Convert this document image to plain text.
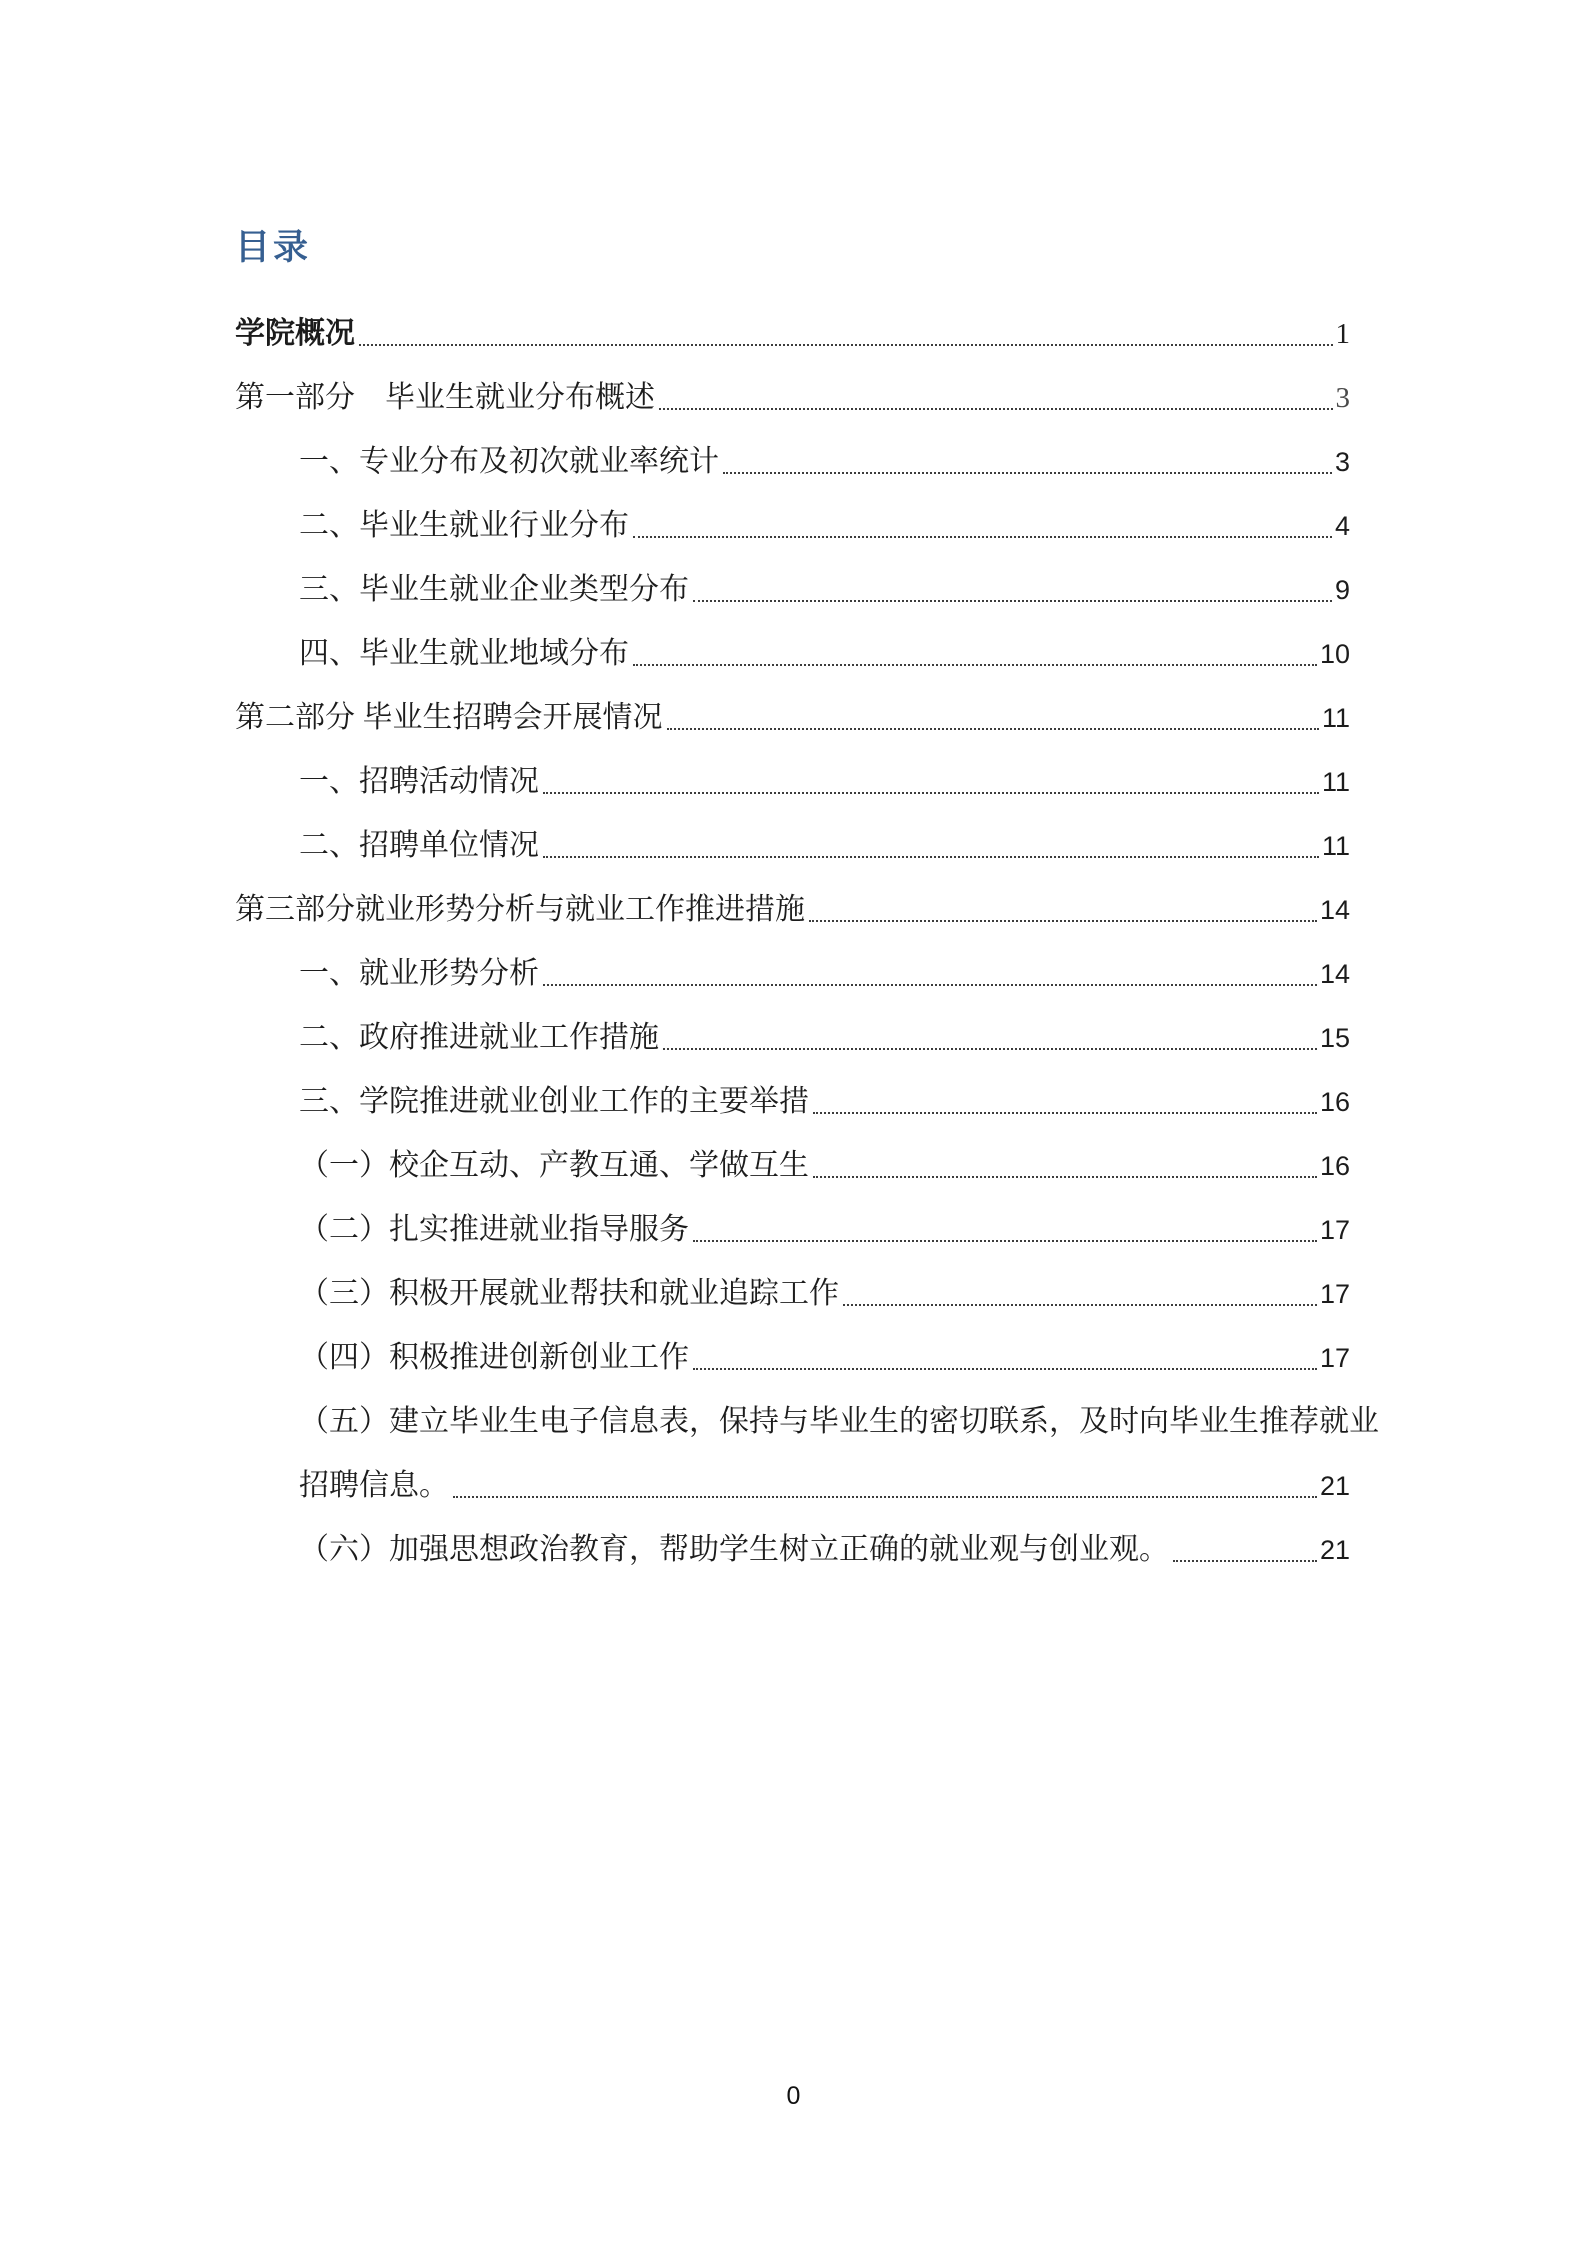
目录
学院概况	1
第一部分　毕业生就业分布概述	3
一、专业分布及初次就业率统计	3
二、毕业生就业行业分布	4
三、毕业生就业企业类型分布	9
四、毕业生就业地域分布	10
第二部分 毕业生招聘会开展情况	11
一、招聘活动情况	11
二、招聘单位情况	11
第三部分就业形势分析与就业工作推进措施	14
一、就业形势分析	14
二、政府推进就业工作措施	15
三、学院推进就业创业工作的主要举措	16
（一）校企互动、产教互通、学做互生	16
（二）扎实推进就业指导服务	17
（三）积极开展就业帮扶和就业追踪工作	17
（四）积极推进创新创业工作	17
（五）建立毕业生电子信息表，保持与毕业生的密切联系，及时向毕业生推荐就业
招聘信息。	21
（六）加强思想政治教育，帮助学生树立正确的就业观与创业观。	21
0
